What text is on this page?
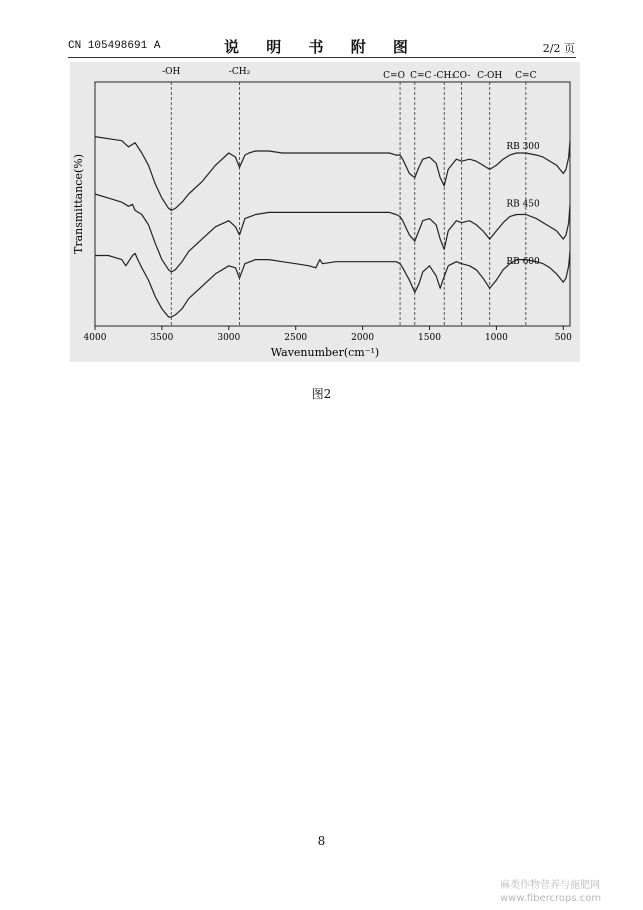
CN 105498691 A	说 明 书 附 图	2/2 页
4000	3500	3000	2500	2000	1500	1000	500
-OH	-CH₂	C=O C=C -CH₃
CO- C-OH C=C
RB 300
RB 450
RB 600
Wavenumber(cm⁻¹)
Transmittance(%)
图2
8
麻类作物营养与施肥网
www.fibercrops.com
